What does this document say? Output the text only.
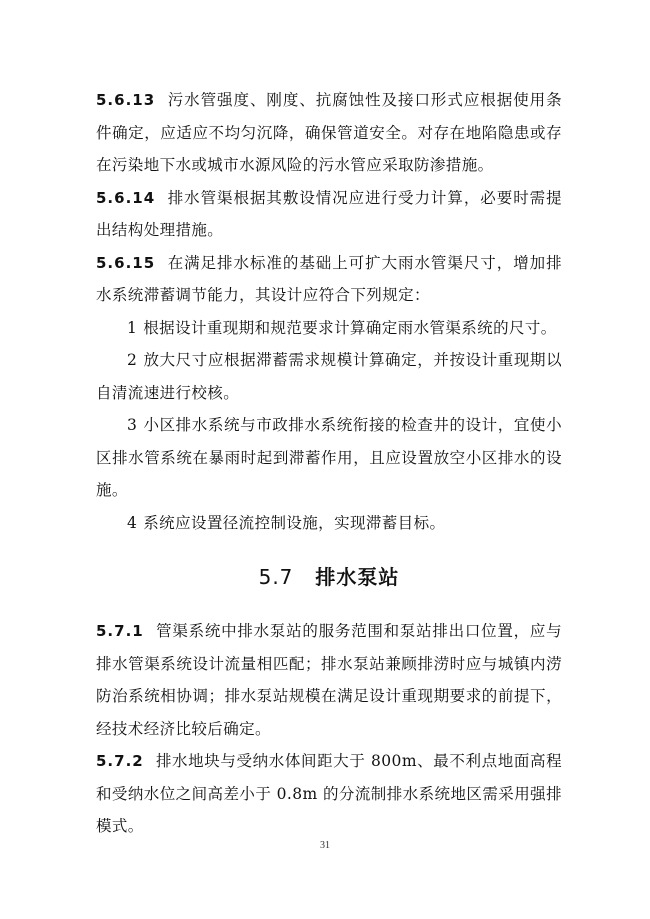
5.6.13 污水管强度、刚度、抗腐蚀性及接口形式应根据使用条件确定，应适应不均匀沉降，确保管道安全。对存在地陷隐患或存在污染地下水或城市水源风险的污水管应采取防渗措施。

5.6.14 排水管渠根据其敷设情况应进行受力计算，必要时需提出结构处理措施。

5.6.15 在满足排水标准的基础上可扩大雨水管渠尺寸，增加排水系统滞蓄调节能力，其设计应符合下列规定：

1 根据设计重现期和规范要求计算确定雨水管渠系统的尺寸。

2 放大尺寸应根据滞蓄需求规模计算确定，并按设计重现期以自清流速进行校核。

3 小区排水系统与市政排水系统衔接的检查井的设计，宜使小区排水管系统在暴雨时起到滞蓄作用，且应设置放空小区排水的设施。

4 系统应设置径流控制设施，实现滞蓄目标。

5.7 排水泵站

5.7.1 管渠系统中排水泵站的服务范围和泵站排出口位置，应与排水管渠系统设计流量相匹配；排水泵站兼顾排涝时应与城镇内涝防治系统相协调；排水泵站规模在满足设计重现期要求的前提下，经技术经济比较后确定。

5.7.2 排水地块与受纳水体间距大于 800m、最不利点地面高程和受纳水位之间高差小于 0.8m 的分流制排水系统地区需采用强排模式。

31
